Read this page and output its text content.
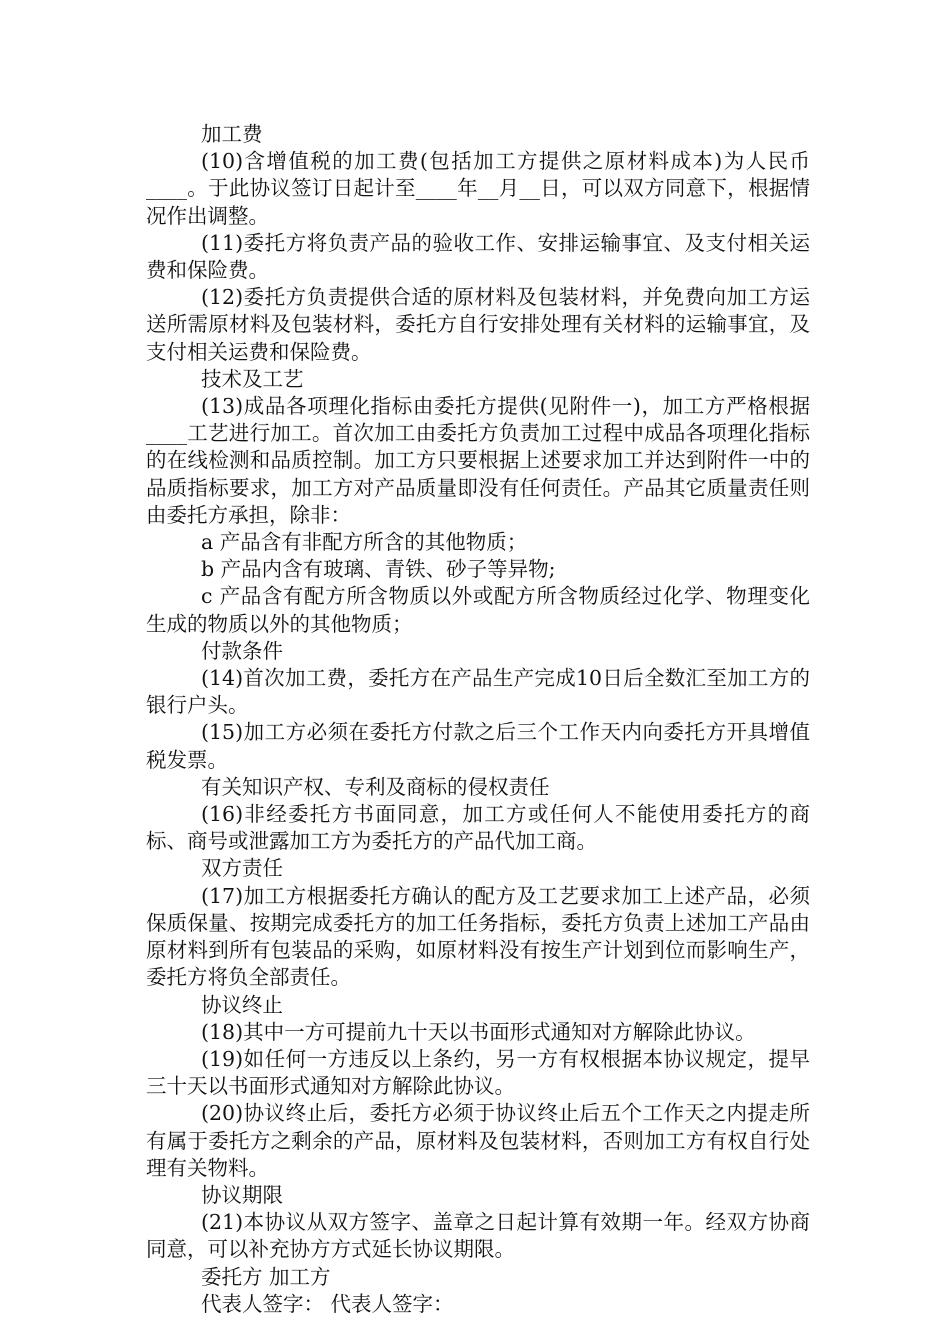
加工费

(10)含增值税的加工费(包括加工方提供之原材料成本)为人民币____。于此协议签订日起计至____年__月__日，可以双方同意下，根据情况作出调整。

(11)委托方将负责产品的验收工作、安排运输事宜、及支付相关运费和保险费。

(12)委托方负责提供合适的原材料及包装材料，并免费向加工方运送所需原材料及包装材料，委托方自行安排处理有关材料的运输事宜，及支付相关运费和保险费。

技术及工艺

(13)成品各项理化指标由委托方提供(见附件一)，加工方严格根据____工艺进行加工。首次加工由委托方负责加工过程中成品各项理化指标的在线检测和品质控制。加工方只要根据上述要求加工并达到附件一中的品质指标要求，加工方对产品质量即没有任何责任。产品其它质量责任则由委托方承担，除非：

a 产品含有非配方所含的其他物质；

b 产品内含有玻璃、青铁、砂子等异物;

c 产品含有配方所含物质以外或配方所含物质经过化学、物理变化生成的物质以外的其他物质；

付款条件

(14)首次加工费，委托方在产品生产完成10日后全数汇至加工方的银行户头。

(15)加工方必须在委托方付款之后三个工作天内向委托方开具增值税发票。

有关知识产权、专利及商标的侵权责任

(16)非经委托方书面同意，加工方或任何人不能使用委托方的商标、商号或泄露加工方为委托方的产品代加工商。

双方责任

(17)加工方根据委托方确认的配方及工艺要求加工上述产品，必须保质保量、按期完成委托方的加工任务指标，委托方负责上述加工产品由原材料到所有包装品的采购，如原材料没有按生产计划到位而影响生产，委托方将负全部责任。

协议终止

(18)其中一方可提前九十天以书面形式通知对方解除此协议。

(19)如任何一方违反以上条约，另一方有权根据本协议规定，提早三十天以书面形式通知对方解除此协议。

(20)协议终止后，委托方必须于协议终止后五个工作天之内提走所有属于委托方之剩余的产品，原材料及包装材料，否则加工方有权自行处理有关物料。

协议期限

(21)本协议从双方签字、盖章之日起计算有效期一年。经双方协商同意，可以补充协方方式延长协议期限。

委托方 加工方

代表人签字： 代表人签字：
